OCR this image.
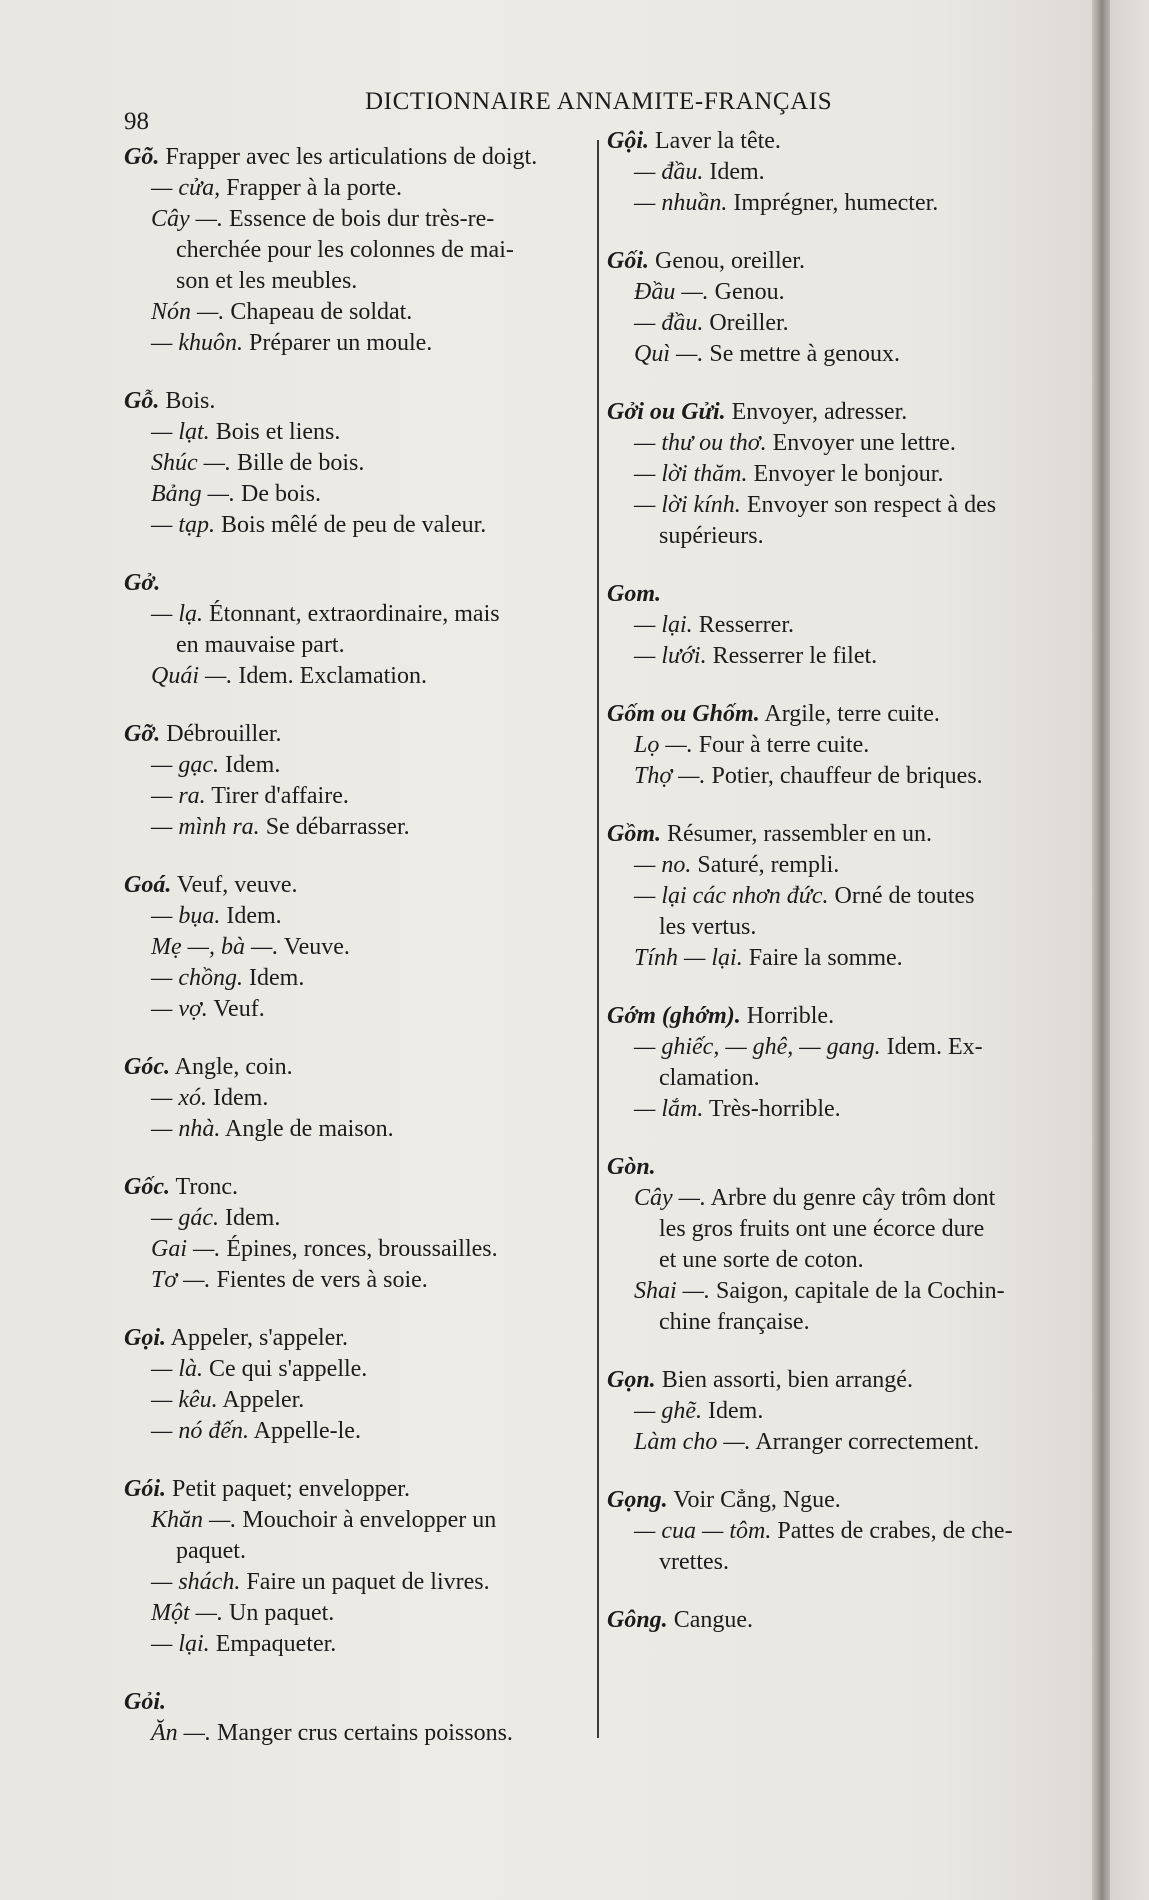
98
DICTIONNAIRE ANNAMITE-FRANÇAIS

Gõ. Frapper avec les articulations de doigt.

— cửa, Frapper à la porte.

Cây —. Essence de bois dur très-re-

cherchée pour les colonnes de mai-

son et les meubles.

Nón —. Chapeau de soldat.

— khuôn. Préparer un moule.

Gỗ. Bois.

— lạt. Bois et liens.

Shúc —. Bille de bois.

Bảng —. De bois.

— tạp. Bois mêlé de peu de valeur.

Gở.

— lạ. Étonnant, extraordinaire, mais

en mauvaise part.

Quái —. Idem. Exclamation.

Gỡ. Débrouiller.

— gạc. Idem.

— ra. Tirer d'affaire.

— mình ra. Se débarrasser.

Goá. Veuf, veuve.

— bụa. Idem.

Mẹ —, bà —. Veuve.

— chồng. Idem.

— vợ. Veuf.

Góc. Angle, coin.

— xó. Idem.

— nhà. Angle de maison.

Gốc. Tronc.

— gác. Idem.

Gai —. Épines, ronces, broussailles.

Tơ —. Fientes de vers à soie.

Gọi. Appeler, s'appeler.

— là. Ce qui s'appelle.

— kêu. Appeler.

— nó đến. Appelle-le.

Gói. Petit paquet; envelopper.

Khăn —. Mouchoir à envelopper un

paquet.

— shách. Faire un paquet de livres.

Một —. Un paquet.

— lại. Empaqueter.

Gỏi.

Ăn —. Manger crus certains poissons.

Gội. Laver la tête.

— đầu. Idem.

— nhuần. Imprégner, humecter.

Gối. Genou, oreiller.

Đầu —. Genou.

— đầu. Oreiller.

Quì —. Se mettre à genoux.

Gởi ou Gửi. Envoyer, adresser.

— thư ou thơ. Envoyer une lettre.

— lời thăm. Envoyer le bonjour.

— lời kính. Envoyer son respect à des

supérieurs.

Gom.

— lại. Resserrer.

— lưới. Resserrer le filet.

Gốm ou Ghốm. Argile, terre cuite.

Lọ —. Four à terre cuite.

Thợ —. Potier, chauffeur de briques.

Gồm. Résumer, rassembler en un.

— no. Saturé, rempli.

— lại các nhơn đức. Orné de toutes

les vertus.

Tính — lại. Faire la somme.

Gớm (ghớm). Horrible.

— ghiếc, — ghê, — gang. Idem. Ex-

clamation.

— lắm. Très-horrible.

Gòn.

Cây —. Arbre du genre cây trôm dont

les gros fruits ont une écorce dure

et une sorte de coton.

Shai —. Saigon, capitale de la Cochin-

chine française.

Gọn. Bien assorti, bien arrangé.

— ghẽ. Idem.

Làm cho —. Arranger correctement.

Gọng. Voir Cẳng, Ngue.

— cua — tôm. Pattes de crabes, de che-

vrettes.

Gông. Cangue.
